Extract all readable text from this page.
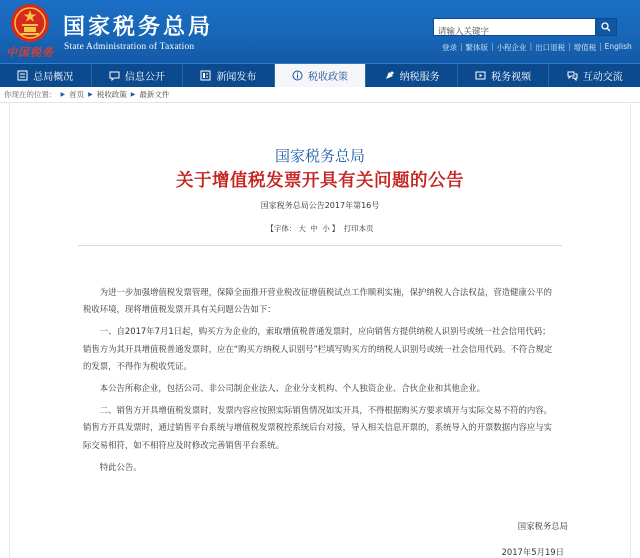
中国税务
国家税务总局
State Administration of Taxation
请输入关键字	登录 | 繁体版 | 小程企业 | 出口退税 | 增值税 | English
总局概况	信息公开	新闻发布	税收政策	纳税服务	税务视频	互动交流
你现在的位置： ▶ 首页 ▶ 税收政策 ▶ 最新文件
国家税务总局
关于增值税发票开具有关问题的公告
国家税务总局公告2017年第16号
【字体： 大 中 小 】 打印本页

为进一步加强增值税发票管理，保障全面推开营业税改征增值税试点工作顺利实施，保护纳税人合法权益，营造健康公平的税收环境，现将增值税发票开具有关问题公告如下：

一、自2017年7月1日起，购买方为企业的，索取增值税普通发票时，应向销售方提供纳税人识别号或统一社会信用代码；销售方为其开具增值税普通发票时，应在“购买方纳税人识别号”栏填写购买方的纳税人识别号或统一社会信用代码。不符合规定的发票，不得作为税收凭证。

本公告所称企业，包括公司、非公司制企业法人、企业分支机构、个人独资企业、合伙企业和其他企业。

二、销售方开具增值税发票时，发票内容应按照实际销售情况如实开具，不得根据购买方要求填开与实际交易不符的内容。销售方开具发票时，通过销售平台系统与增值税发票税控系统后台对接，导入相关信息开票的，系统导入的开票数据内容应与实际交易相符，如不相符应及时修改完善销售平台系统。

特此公告。

国家税务总局
2017年5月19日
